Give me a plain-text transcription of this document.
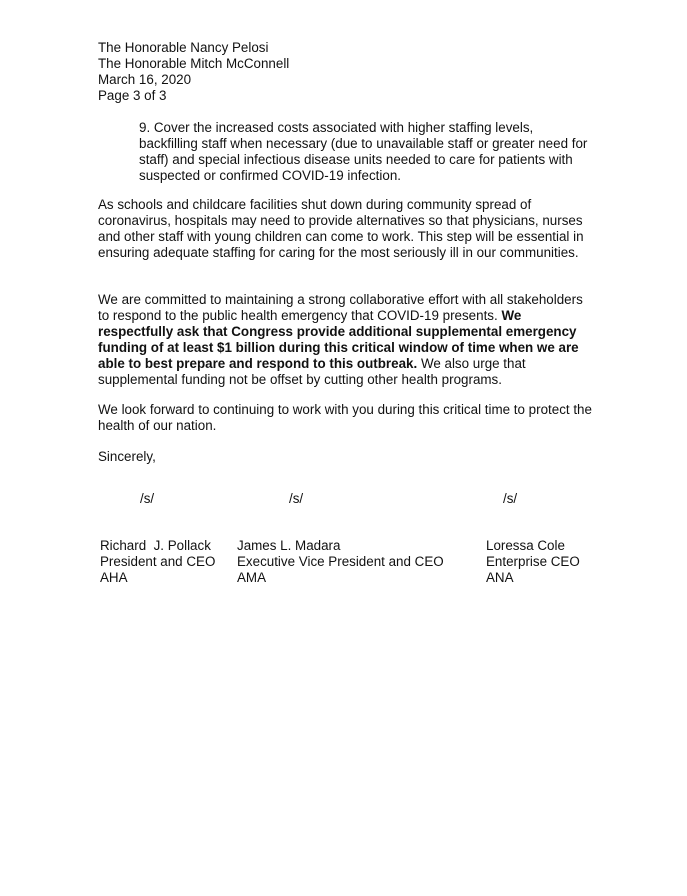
The Honorable Nancy Pelosi
The Honorable Mitch McConnell
March 16, 2020
Page 3 of 3
9. Cover the increased costs associated with higher staffing levels, backfilling staff when necessary (due to unavailable staff or greater need for staff) and special infectious disease units needed to care for patients with suspected or confirmed COVID-19 infection.
As schools and childcare facilities shut down during community spread of coronavirus, hospitals may need to provide alternatives so that physicians, nurses and other staff with young children can come to work. This step will be essential in ensuring adequate staffing for caring for the most seriously ill in our communities.
We are committed to maintaining a strong collaborative effort with all stakeholders to respond to the public health emergency that COVID-19 presents. We respectfully ask that Congress provide additional supplemental emergency funding of at least $1 billion during this critical window of time when we are able to best prepare and respond to this outbreak. We also urge that supplemental funding not be offset by cutting other health programs.
We look forward to continuing to work with you during this critical time to protect the health of our nation.
Sincerely,
/s/	/s/	/s/
Richard  J. Pollack
President and CEO
AHA
James L. Madara
Executive Vice President and CEO
AMA
Loressa Cole
Enterprise CEO
ANA
